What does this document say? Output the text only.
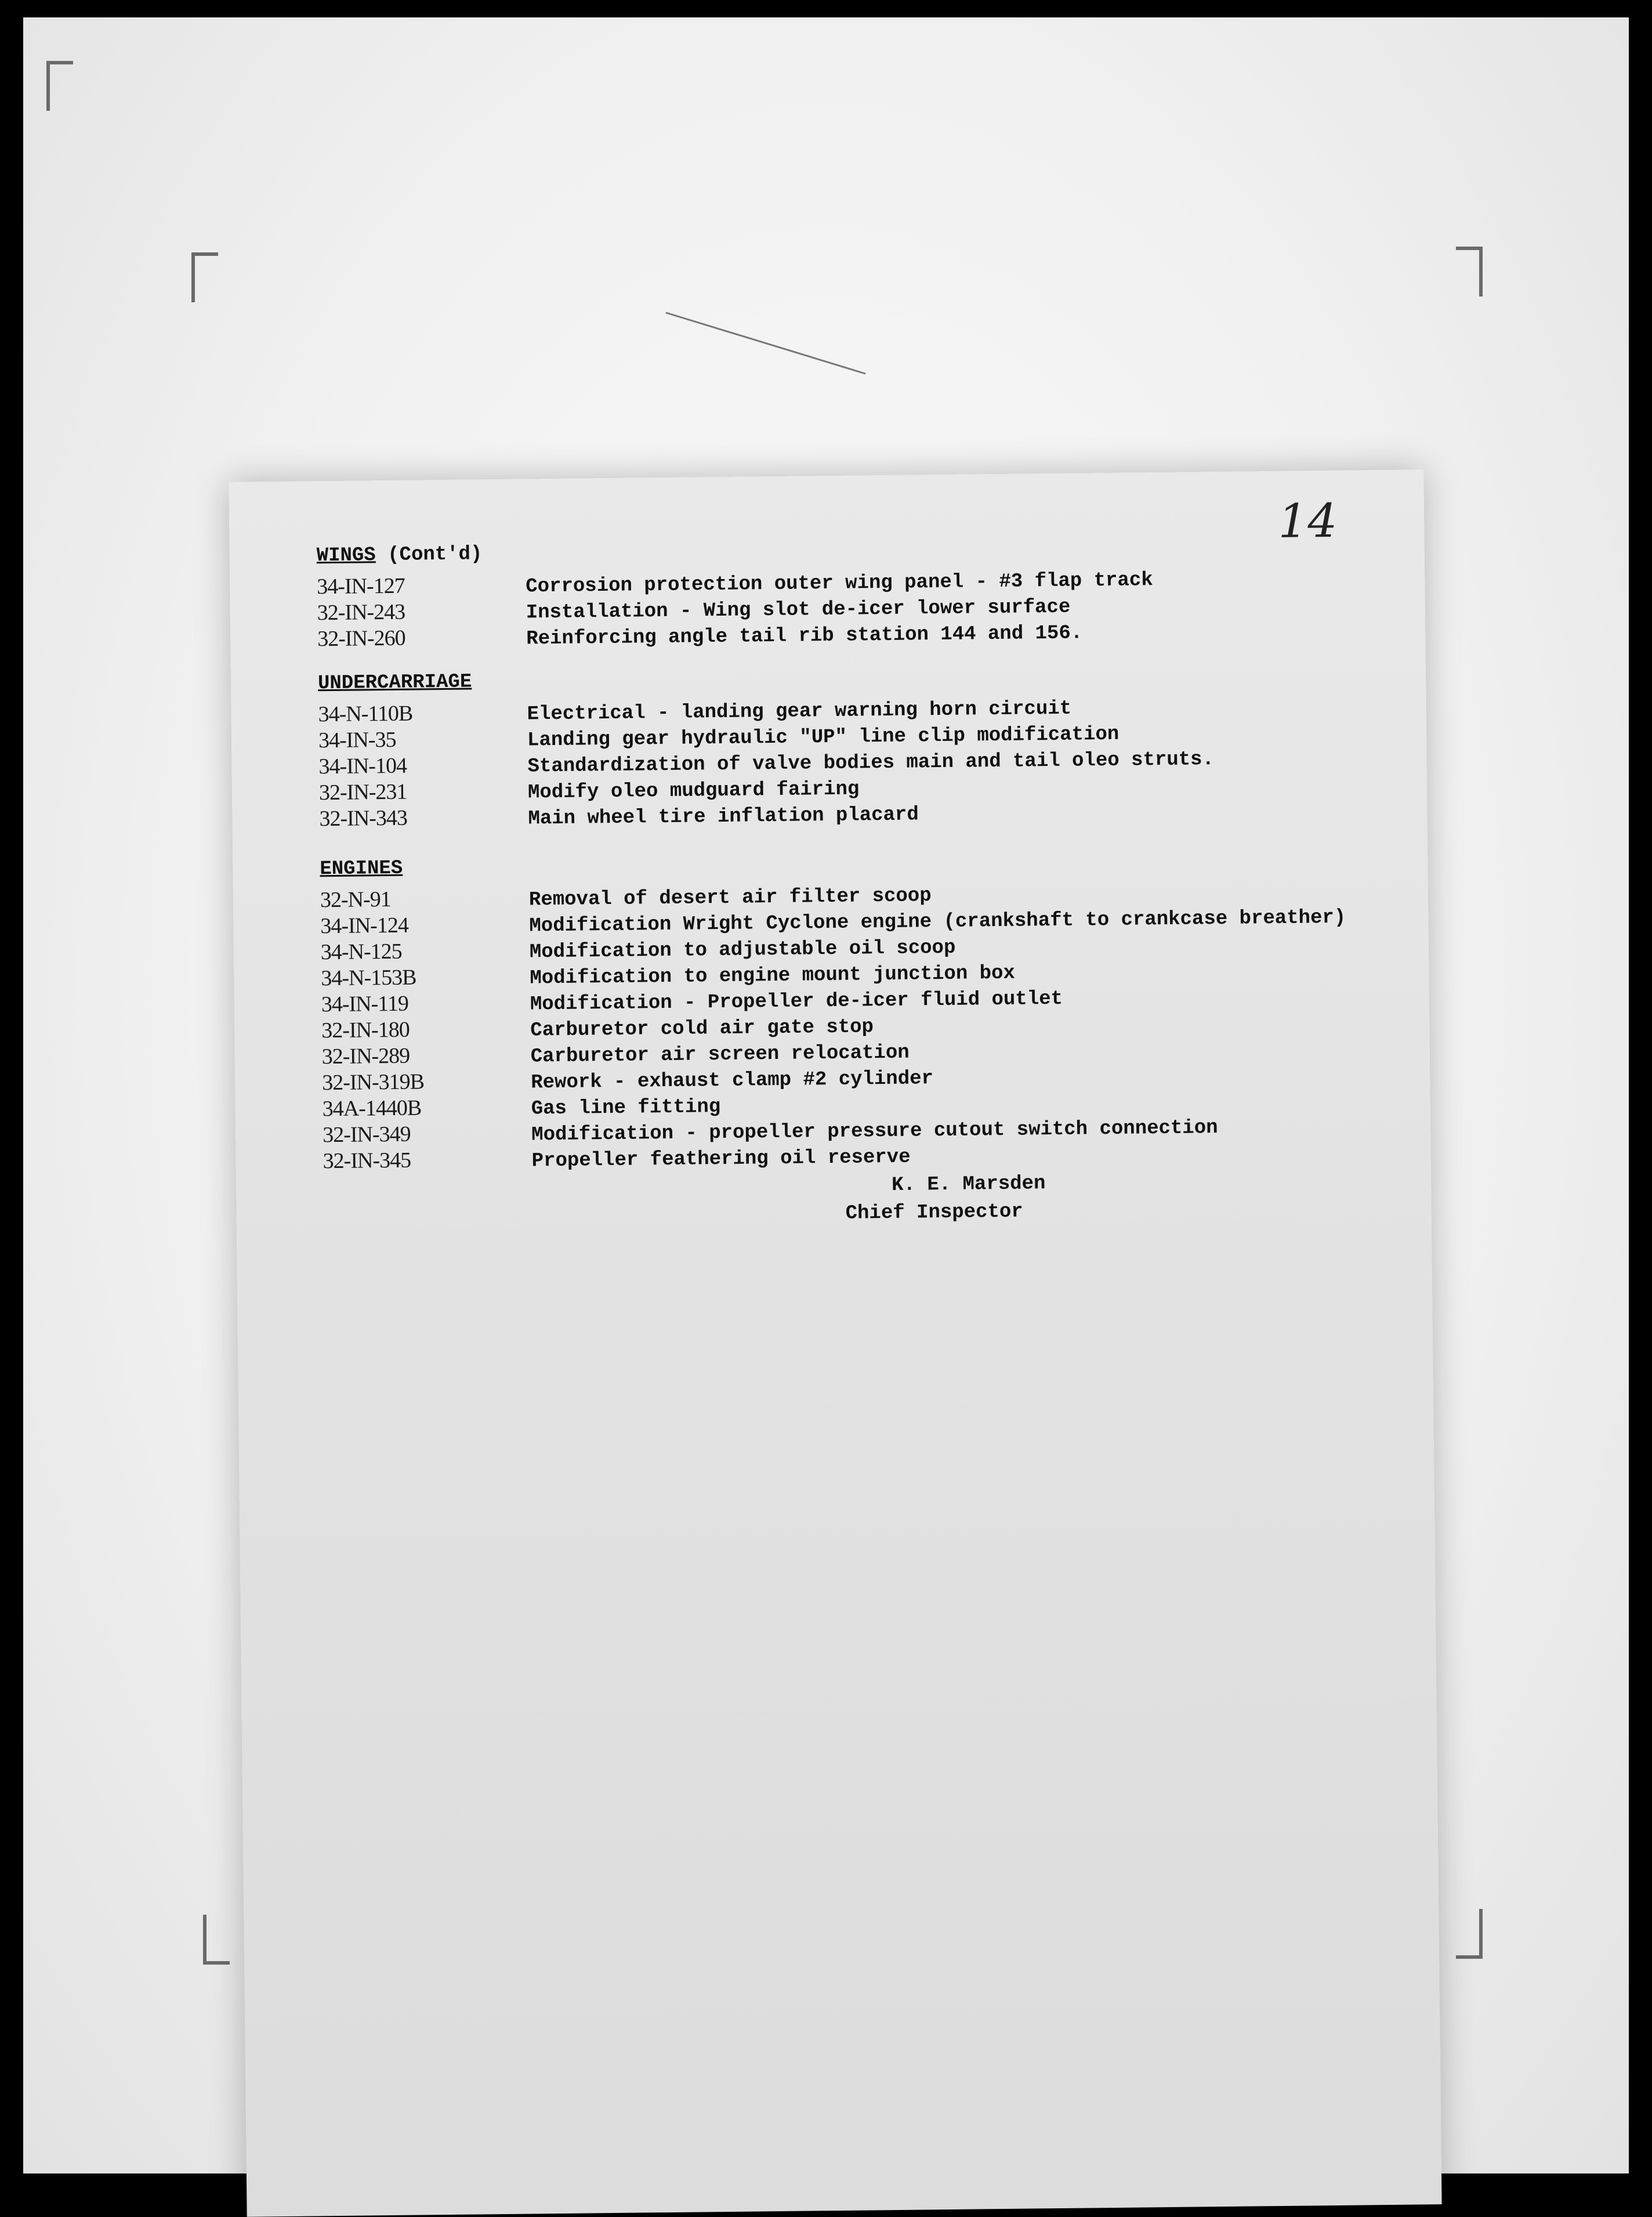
14
WINGS (Cont'd)
34-IN-127	Corrosion protection outer wing panel - #3 flap track
32-IN-243	Installation - Wing slot de-icer lower surface
32-IN-260	Reinforcing angle tail rib station 144 and 156.
UNDERCARRIAGE
34-N-110B	Electrical - landing gear warning horn circuit
34-IN-35	Landing gear hydraulic "UP" line clip modification
34-IN-104	Standardization of valve bodies main and tail oleo struts.
32-IN-231	Modify oleo mudguard fairing
32-IN-343	Main wheel tire inflation placard
ENGINES
32-N-91	Removal of desert air filter scoop
34-IN-124	Modification Wright Cyclone engine (crankshaft to crankcase breather)
34-N-125	Modification to adjustable oil scoop
34-N-153B	Modification to engine mount junction box
34-IN-119	Modification - Propeller de-icer fluid outlet
32-IN-180	Carburetor cold air gate stop
32-IN-289	Carburetor air screen relocation
32-IN-319B	Rework - exhaust clamp #2 cylinder
34A-1440B	Gas line fitting
32-IN-349	Modification - propeller pressure cutout switch connection
32-IN-345	Propeller feathering oil reserve
K. E. Marsden
Chief Inspector
